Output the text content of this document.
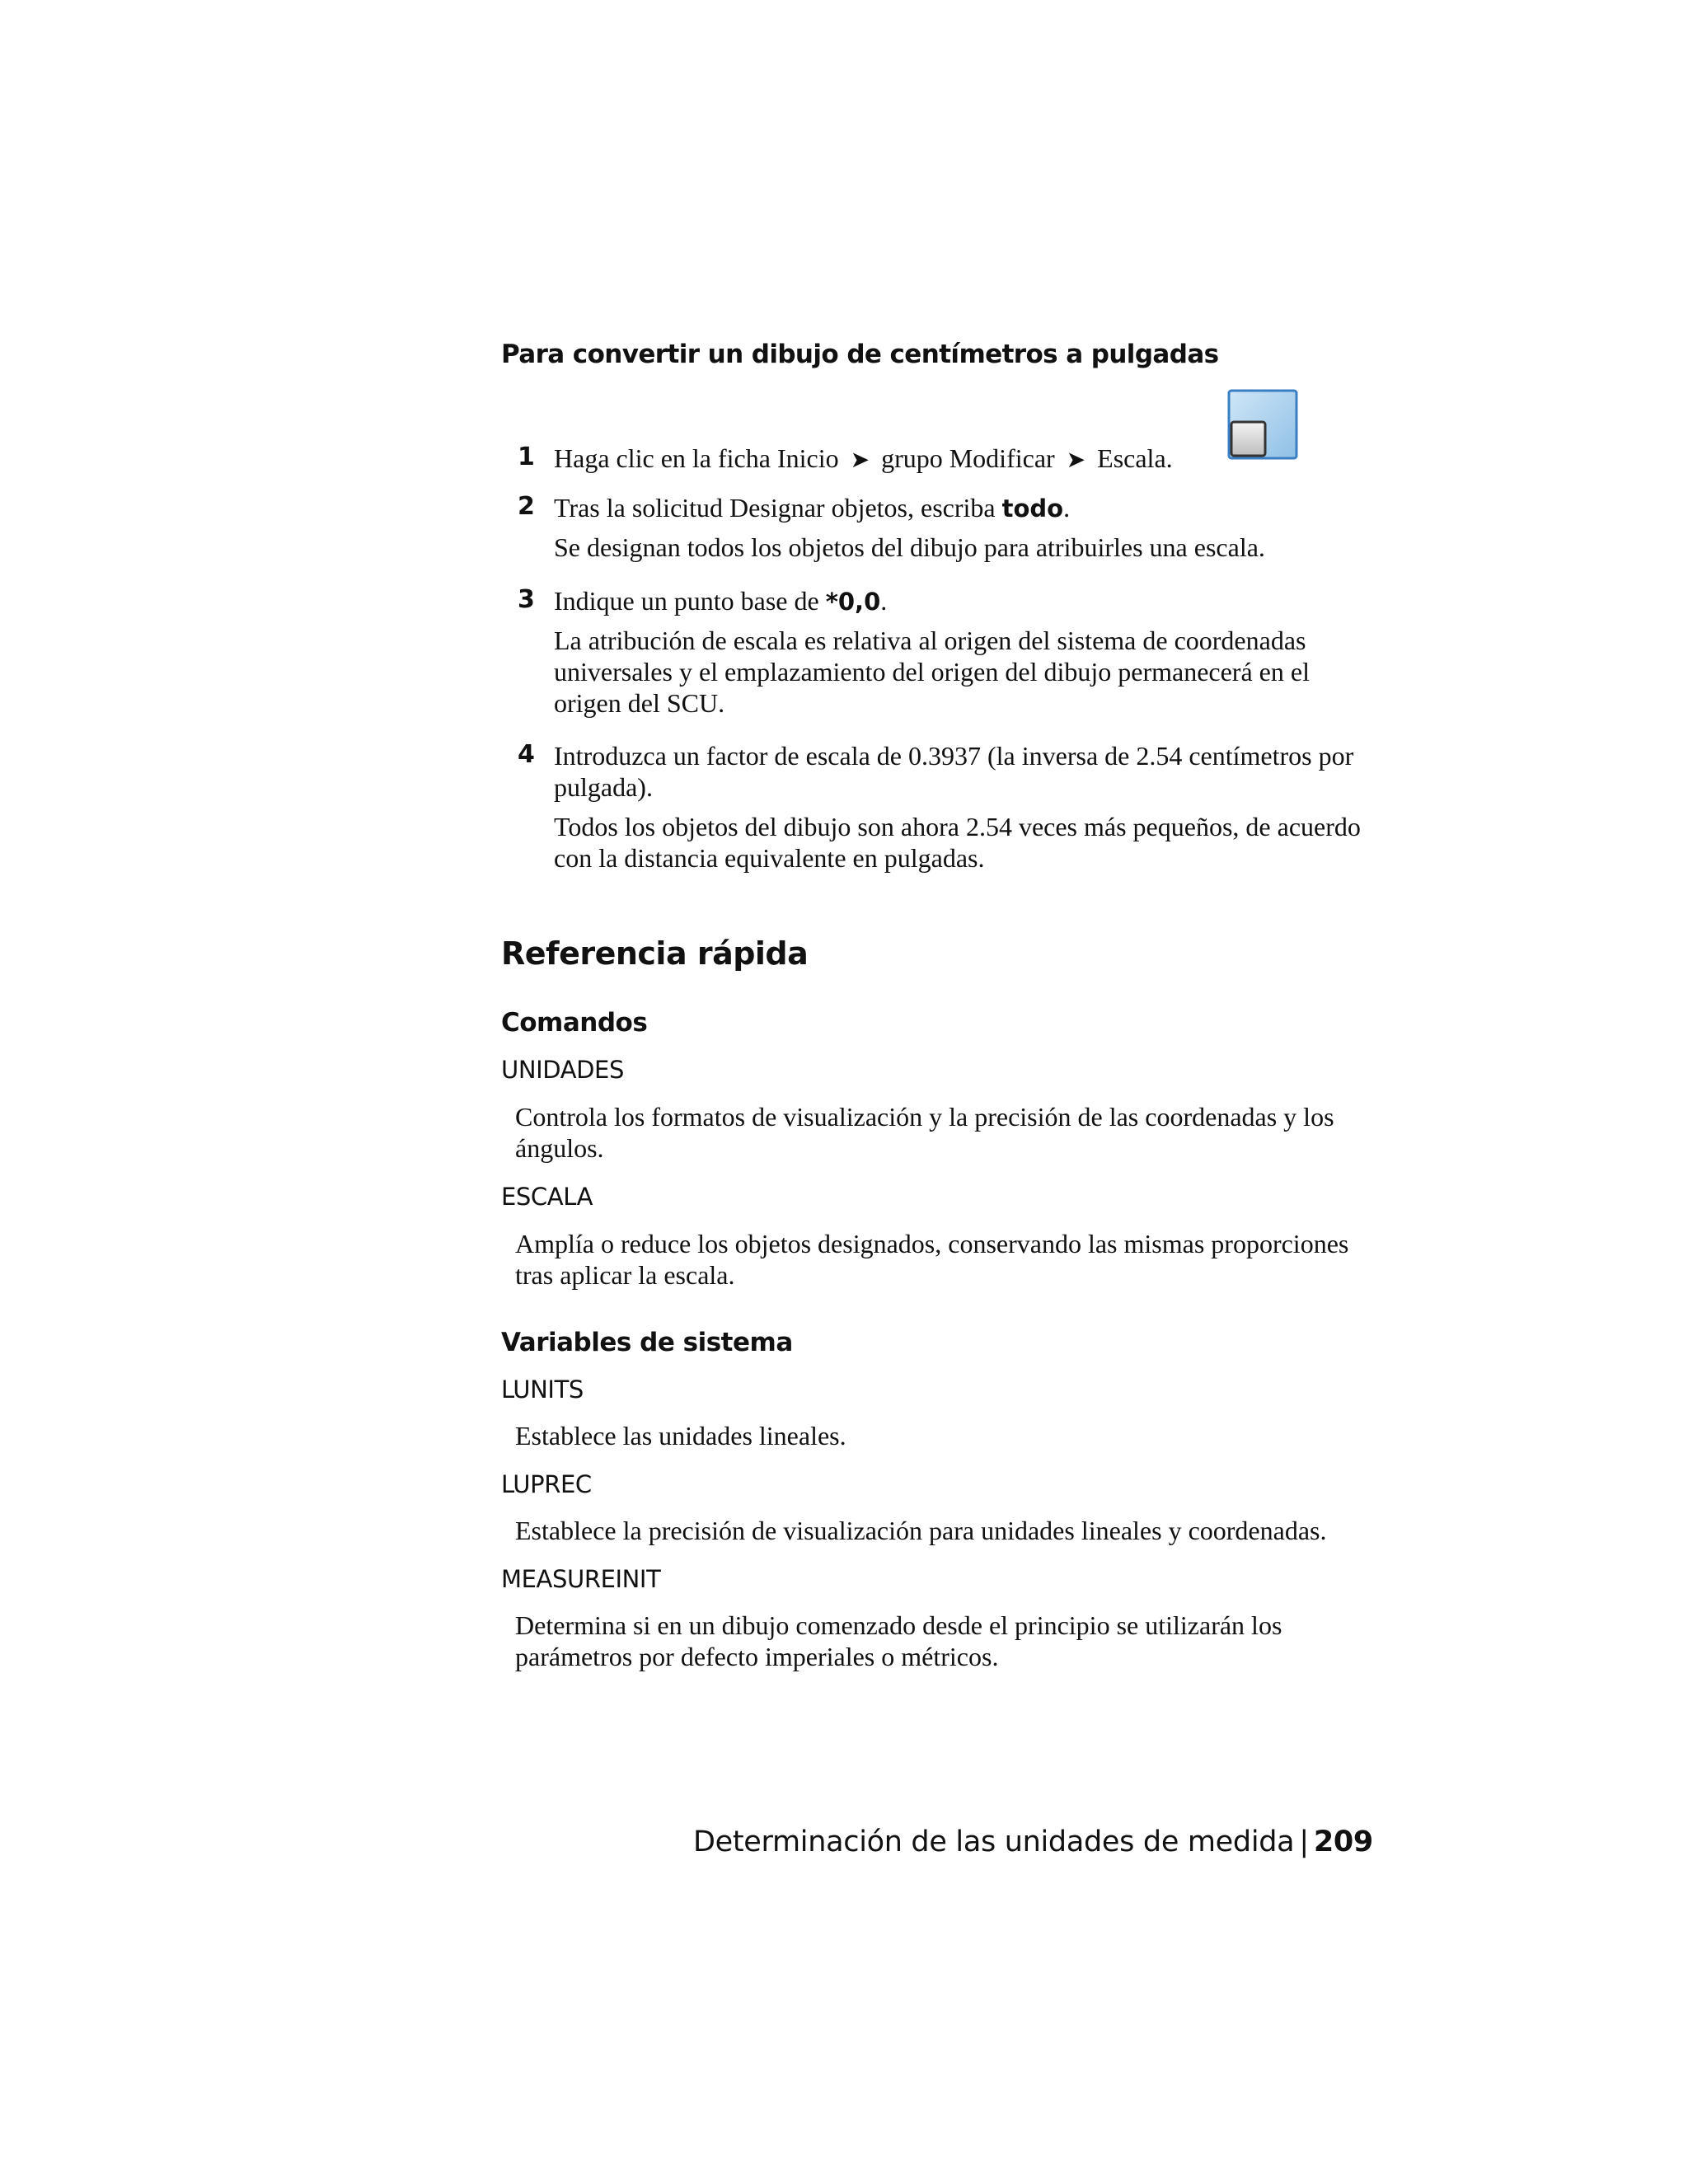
Para convertir un dibujo de centímetros a pulgadas
1 Haga clic en la ficha Inicio ➤ grupo Modificar ➤ Escala.
2 Tras la solicitud Designar objetos, escriba todo.
Se designan todos los objetos del dibujo para atribuirles una escala.
3 Indique un punto base de *0,0.
La atribución de escala es relativa al origen del sistema de coordenadas universales y el emplazamiento del origen del dibujo permanecerá en el origen del SCU.
4 Introduzca un factor de escala de 0.3937 (la inversa de 2.54 centímetros por pulgada).
Todos los objetos del dibujo son ahora 2.54 veces más pequeños, de acuerdo con la distancia equivalente en pulgadas.
Referencia rápida
Comandos
UNIDADES
Controla los formatos de visualización y la precisión de las coordenadas y los ángulos.
ESCALA
Amplía o reduce los objetos designados, conservando las mismas proporciones tras aplicar la escala.
Variables de sistema
LUNITS
Establece las unidades lineales.
LUPREC
Establece la precisión de visualización para unidades lineales y coordenadas.
MEASUREINIT
Determina si en un dibujo comenzado desde el principio se utilizarán los parámetros por defecto imperiales o métricos.
Determinación de las unidades de medida | 209
